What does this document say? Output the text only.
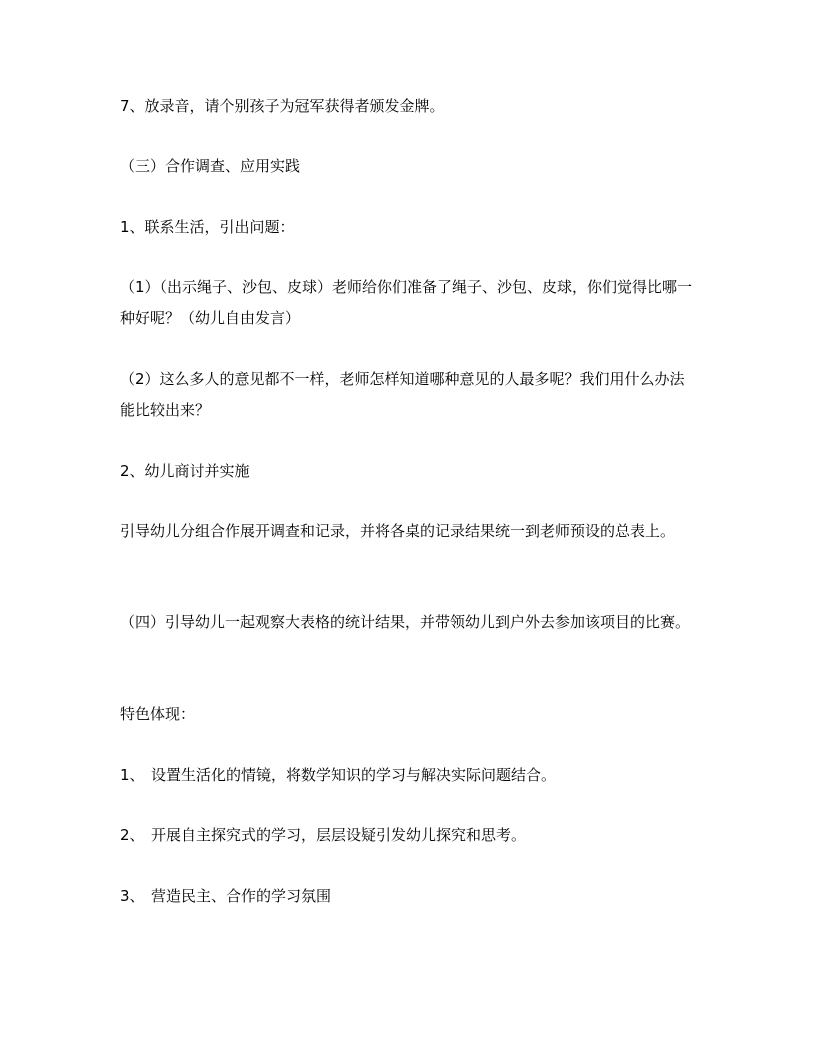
7、放录音，请个别孩子为冠军获得者颁发金牌。

（三）合作调查、应用实践

1、联系生活，引出问题：

（1）（出示绳子、沙包、皮球）老师给你们准备了绳子、沙包、皮球，你们觉得比哪一种好呢？（幼儿自由发言）

（2）这么多人的意见都不一样，老师怎样知道哪种意见的人最多呢？我们用什么办法能比较出来？

2、幼儿商讨并实施

引导幼儿分组合作展开调查和记录，并将各桌的记录结果统一到老师预设的总表上。

（四）引导幼儿一起观察大表格的统计结果，并带领幼儿到户外去参加该项目的比赛。

特色体现：

1、 设置生活化的情镜，将数学知识的学习与解决实际问题结合。
2、 开展自主探究式的学习，层层设疑引发幼儿探究和思考。
3、 营造民主、合作的学习氛围
